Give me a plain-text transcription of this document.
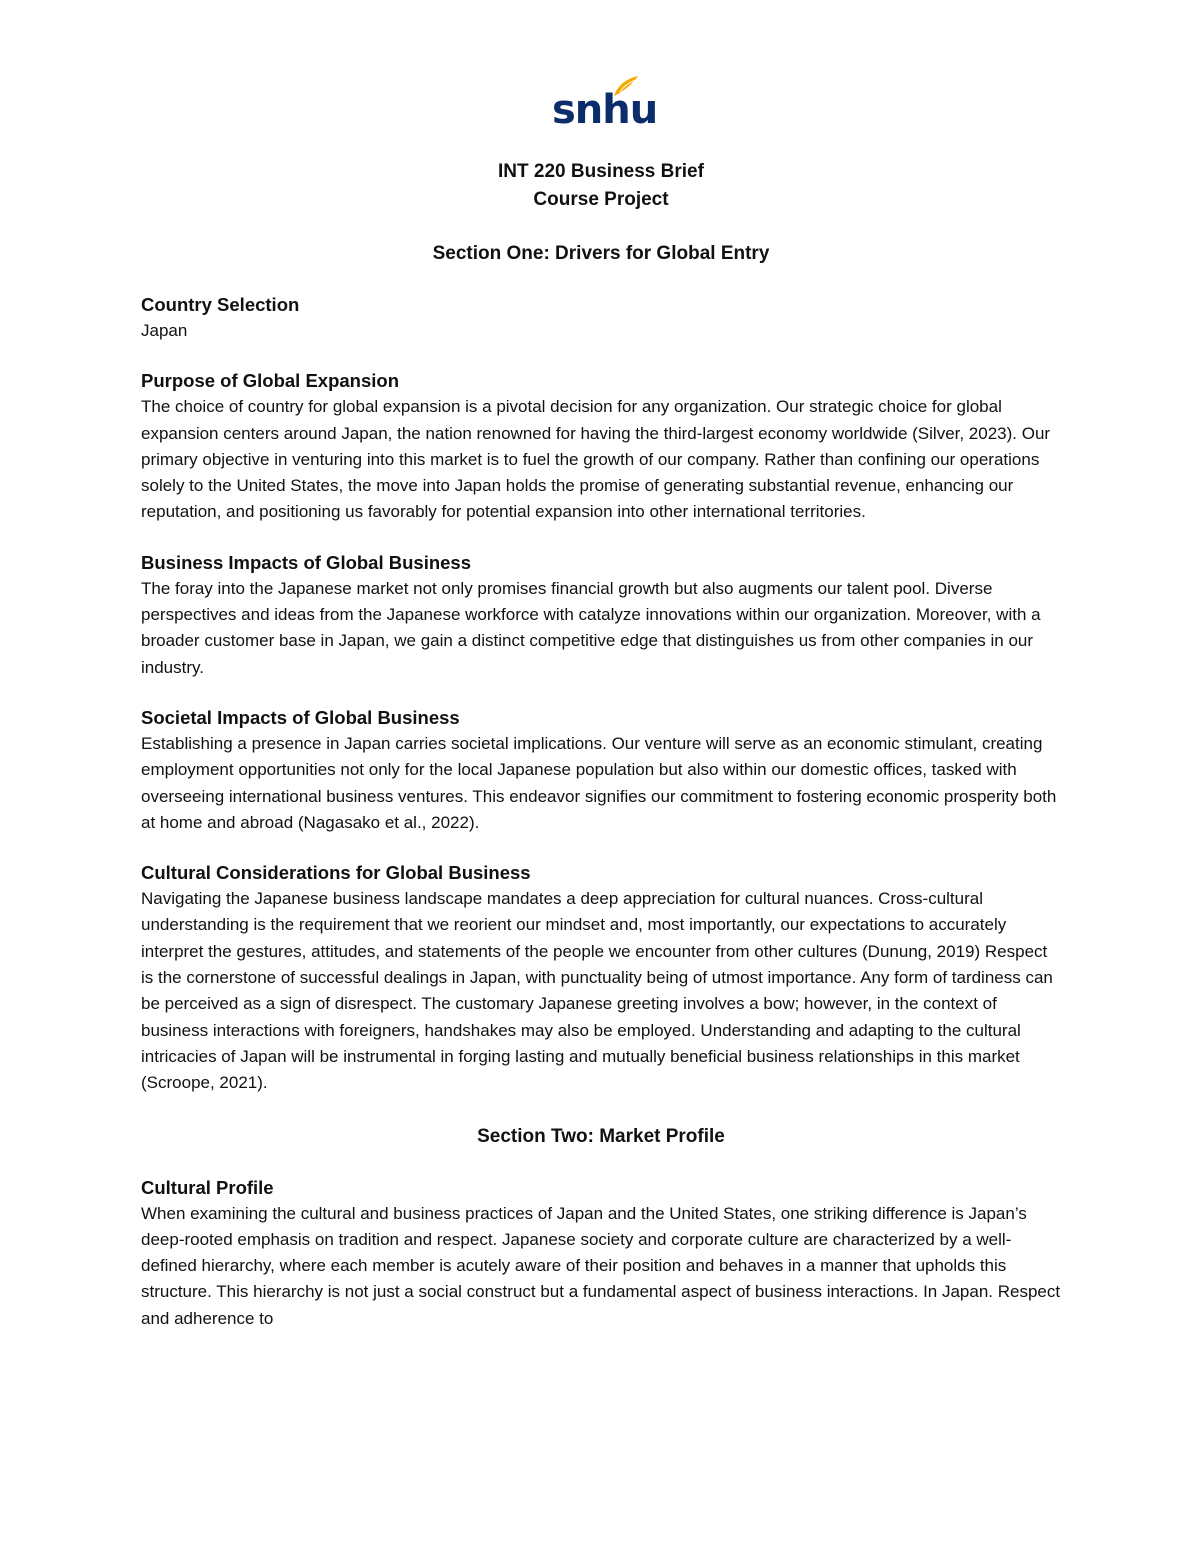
snhu
INT 220 Business Brief
Course Project
Section One: Drivers for Global Entry

Country Selection

Japan

Purpose of Global Expansion

The choice of country for global expansion is a pivotal decision for any organization. Our strategic choice for global expansion centers around Japan, the nation renowned for having the third-largest economy worldwide (Silver, 2023). Our primary objective in venturing into this market is to fuel the growth of our company. Rather than confining our operations solely to the United States, the move into Japan holds the promise of generating substantial revenue, enhancing our reputation, and positioning us favorably for potential expansion into other international territories.

Business Impacts of Global Business

The foray into the Japanese market not only promises financial growth but also augments our talent pool. Diverse perspectives and ideas from the Japanese workforce with catalyze innovations within our organization. Moreover, with a broader customer base in Japan, we gain a distinct competitive edge that distinguishes us from other companies in our industry.

Societal Impacts of Global Business

Establishing a presence in Japan carries societal implications. Our venture will serve as an economic stimulant, creating employment opportunities not only for the local Japanese population but also within our domestic offices, tasked with overseeing international business ventures. This endeavor signifies our commitment to fostering economic prosperity both at home and abroad (Nagasako et al., 2022).

Cultural Considerations for Global Business

Navigating the Japanese business landscape mandates a deep appreciation for cultural nuances. Cross-cultural understanding is the requirement that we reorient our mindset and, most importantly, our expectations to accurately interpret the gestures, attitudes, and statements of the people we encounter from other cultures (Dunung, 2019) Respect is the cornerstone of successful dealings in Japan, with punctuality being of utmost importance. Any form of tardiness can be perceived as a sign of disrespect. The customary Japanese greeting involves a bow; however, in the context of business interactions with foreigners, handshakes may also be employed. Understanding and adapting to the cultural intricacies of Japan will be instrumental in forging lasting and mutually beneficial business relationships in this market (Scroope, 2021).

Section Two: Market Profile

Cultural Profile

When examining the cultural and business practices of Japan and the United States, one striking difference is Japan’s deep-rooted emphasis on tradition and respect. Japanese society and corporate culture are characterized by a well-defined hierarchy, where each member is acutely aware of their position and behaves in a manner that upholds this structure. This hierarchy is not just a social construct but a fundamental aspect of business interactions. In Japan. Respect and adherence to
